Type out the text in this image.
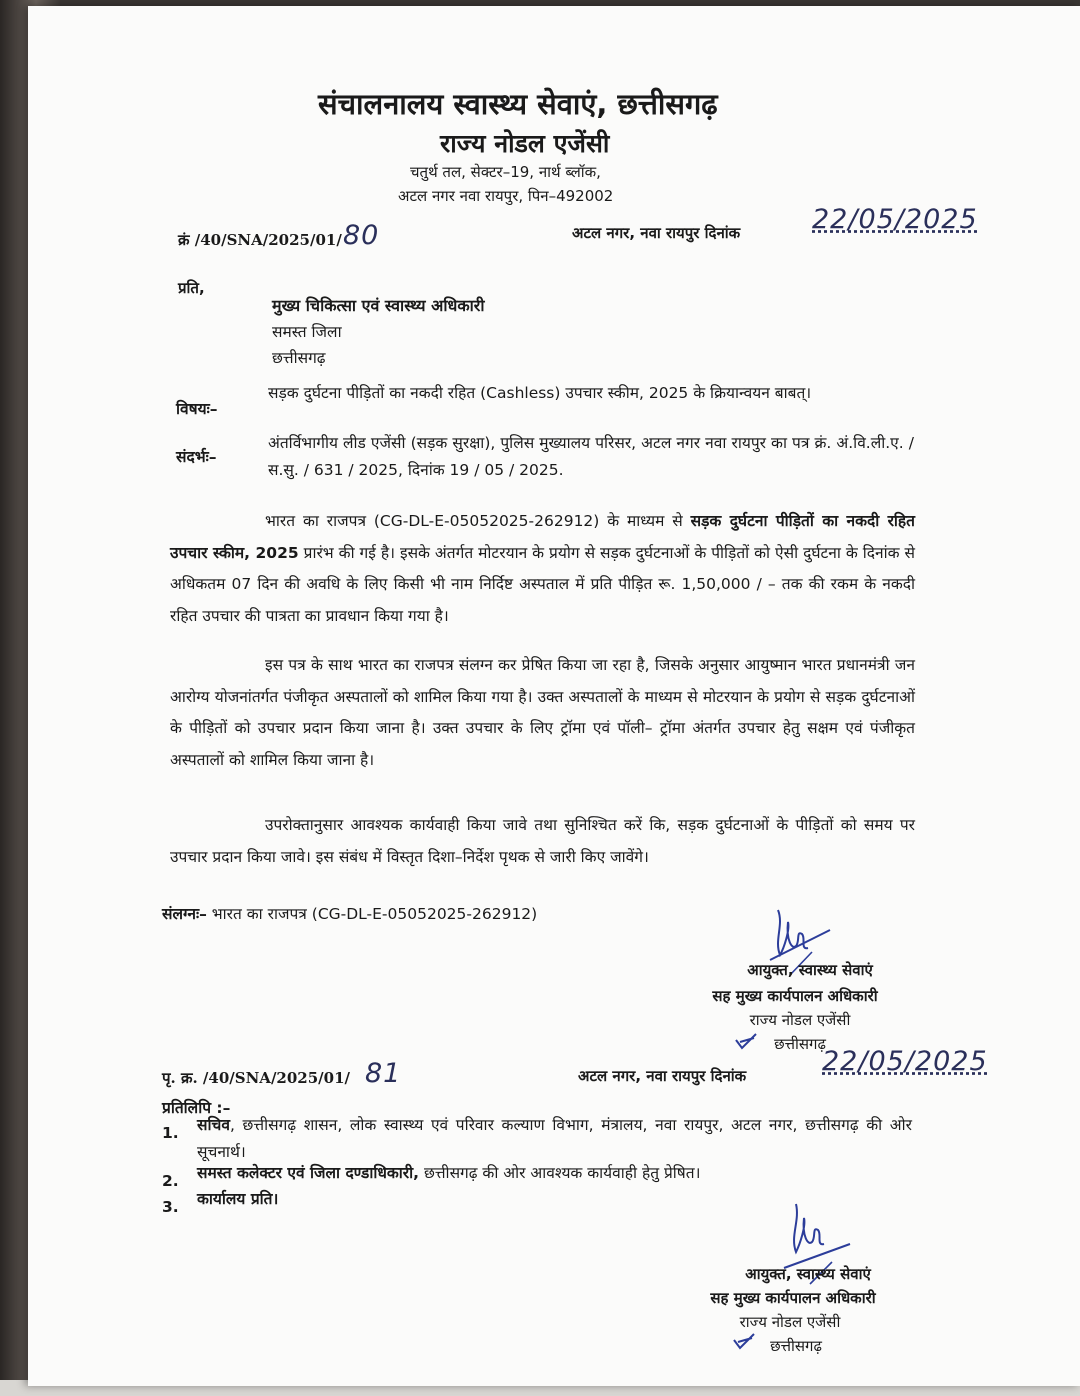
संचालनालय स्वास्थ्य सेवाएं, छत्तीसगढ़
राज्य नोडल एजेंसी
चतुर्थ तल, सेक्टर–19, नार्थ ब्लॉक,
अटल नगर नवा रायपुर, पिन–492002
क्रं /40/SNA/2025/01/ 80	अटल नगर, नवा रायपुर दिनांक	22/05/2025
प्रति,
मुख्य चिकित्सा एवं स्वास्थ्य अधिकारी
समस्त जिला
छत्तीसगढ़
विषयः–
सड़क दुर्घटना पीड़ितों का नकदी रहित (Cashless) उपचार स्कीम, 2025 के क्रियान्वयन बाबत्।
संदर्भः–
अंतर्विभागीय लीड एजेंसी (सड़क सुरक्षा), पुलिस मुख्यालय परिसर, अटल नगर नवा रायपुर का पत्र क्रं. अं.वि.ली.ए. / स.सु. / 631 / 2025, दिनांक 19 / 05 / 2025.
भारत का राजपत्र (CG-DL-E-05052025-262912) के माध्यम से सड़क दुर्घटना पीड़ितों का नकदी रहित उपचार स्कीम, 2025 प्रारंभ की गई है। इसके अंतर्गत मोटरयान के प्रयोग से सड़क दुर्घटनाओं के पीड़ितों को ऐसी दुर्घटना के दिनांक से अधिकतम 07 दिन की अवधि के लिए किसी भी नाम निर्दिष्ट अस्पताल में प्रति पीड़ित रू. 1,50,000 / – तक की रकम के नकदी रहित उपचार की पात्रता का प्रावधान किया गया है।
इस पत्र के साथ भारत का राजपत्र संलग्न कर प्रेषित किया जा रहा है, जिसके अनुसार आयुष्मान भारत प्रधानमंत्री जन आरोग्य योजनांतर्गत पंजीकृत अस्पतालों को शामिल किया गया है। उक्त अस्पतालों के माध्यम से मोटरयान के प्रयोग से सड़क दुर्घटनाओं के पीड़ितों को उपचार प्रदान किया जाना है। उक्त उपचार के लिए ट्रॉमा एवं पॉली– ट्रॉमा अंतर्गत उपचार हेतु सक्षम एवं पंजीकृत अस्पतालों को शामिल किया जाना है।
उपरोक्तानुसार आवश्यक कार्यवाही किया जावे तथा सुनिश्चित करें कि, सड़क दुर्घटनाओं के पीड़ितों को समय पर उपचार प्रदान किया जावे। इस संबंध में विस्तृत दिशा–निर्देश पृथक से जारी किए जावेंगे।
संलग्नः– भारत का राजपत्र (CG-DL-E-05052025-262912)
आयुक्त, स्वास्थ्य सेवाएं
सह मुख्य कार्यपालन अधिकारी
राज्य नोडल एजेंसी
छत्तीसगढ़
पृ. क्र. /40/SNA/2025/01/ 81	अटल नगर, नवा रायपुर दिनांक	22/05/2025
प्रतिलिपि :–
1. सचिव, छत्तीसगढ़ शासन, लोक स्वास्थ्य एवं परिवार कल्याण विभाग, मंत्रालय, नवा रायपुर, अटल नगर, छत्तीसगढ़ की ओर सूचनार्थ।
2. समस्त कलेक्टर एवं जिला दण्डाधिकारी, छत्तीसगढ़ की ओर आवश्यक कार्यवाही हेतु प्रेषित।
3. कार्यालय प्रति।
आयुक्त, स्वास्थ्य सेवाएं
सह मुख्य कार्यपालन अधिकारी
राज्य नोडल एजेंसी
छत्तीसगढ़
